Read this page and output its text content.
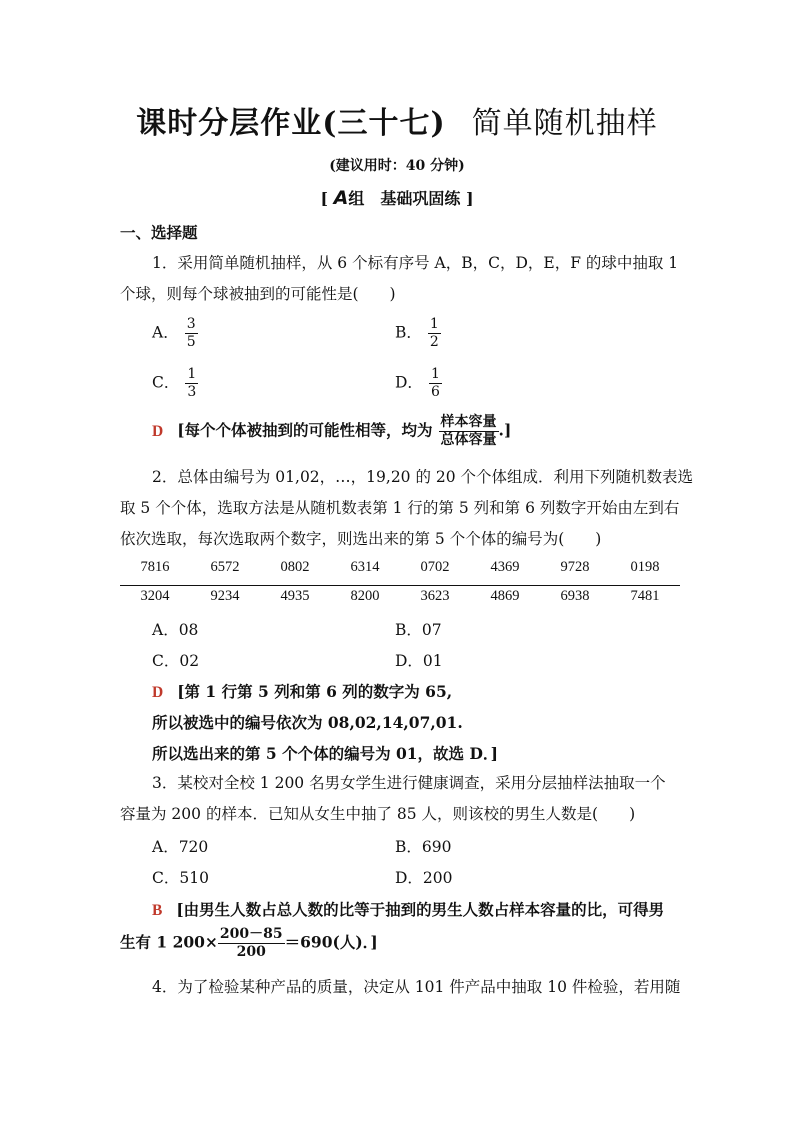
课时分层作业(三十七) 简单随机抽样
(建议用时：40 分钟)
[ A组　基础巩固练 ]
一、选择题
1．采用简单随机抽样，从 6 个标有序号 A，B，C，D，E，F 的球中抽取 1
个球，则每个球被抽到的可能性是(　　)
A． $\frac{3}{5}$	B． $\frac{1}{2}$
C． $\frac{1}{3}$	D． $\frac{1}{6}$
D [每个个体被抽到的可能性相等，均为 $\frac{\text{样本容量}}{\text{总体容量}}$ .]
2．总体由编号为 01,02，…，19,20 的 20 个个体组成．利用下列随机数表选
取 5 个个体，选取方法是从随机数表第 1 行的第 5 列和第 6 列数字开始由左到右
依次选取，每次选取两个数字，则选出来的第 5 个个体的编号为(　　)
7816	6572	0802	6314	0702	4369	9728	0198
3204	9234	4935	8200	3623	4869	6938	7481
A．08	B．07
C．02	D．01
D [第 1 行第 5 列和第 6 列的数字为 65,
所以被选中的编号依次为 08,02,14,07,01.
所以选出来的第 5 个个体的编号为 01，故选 D．]
3．某校对全校 1 200 名男女学生进行健康调查，采用分层抽样法抽取一个
容量为 200 的样本．已知从女生中抽了 85 人，则该校的男生人数是(　　)
A．720	B．690
C．510	D．200
B [由男生人数占总人数的比等于抽到的男生人数占样本容量的比，可得男
生有 1 $200\times \frac{200-85}{200} =690$(人)．]
4．为了检验某种产品的质量，决定从 101 件产品中抽取 10 件检验，若用随
